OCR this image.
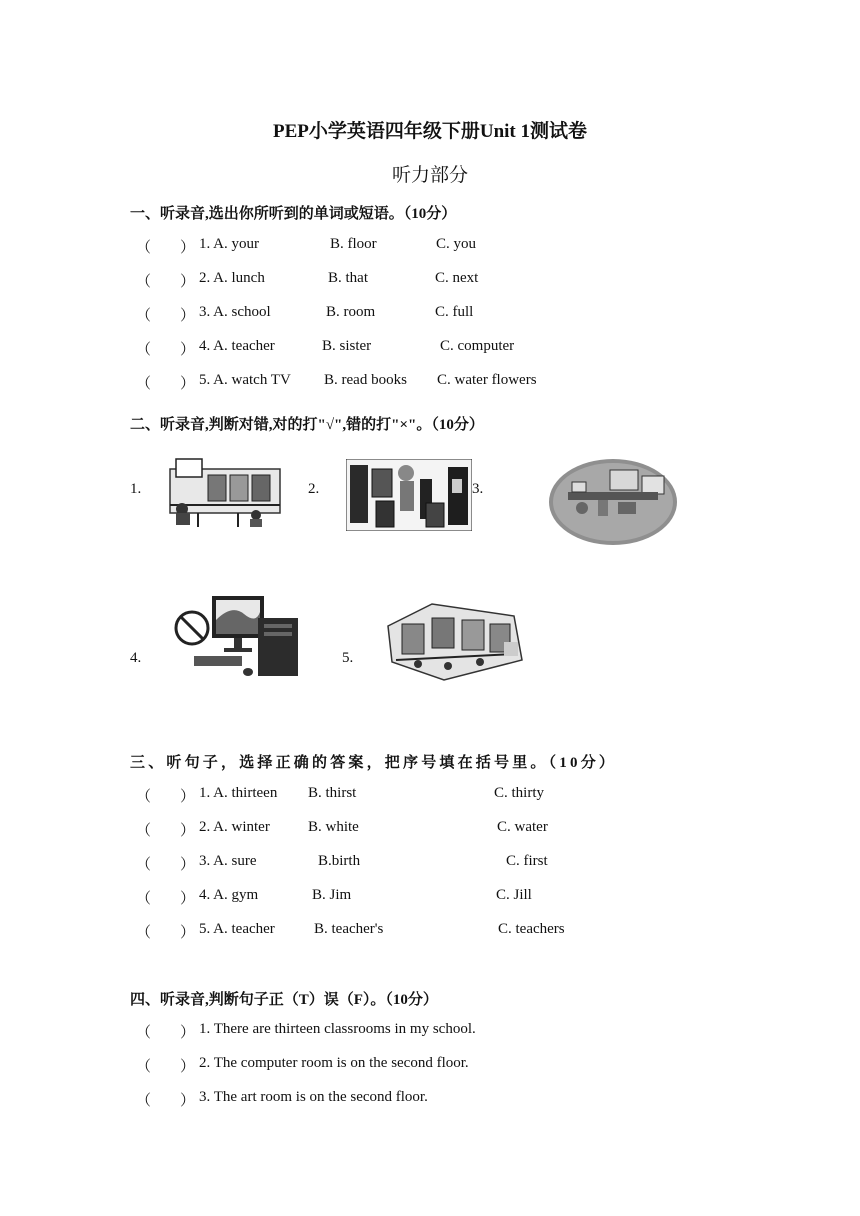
PEP小学英语四年级下册Unit 1测试卷
听力部分
一、听录音,选出你所听到的单词或短语。（10分）
（ ） 1. A. your	B. floor	C. you
（ ） 2. A. lunch	B. that	C. next
（ ） 3. A. school	B. room	C. full
（ ） 4. A. teacher	B. sister	C. computer
（ ） 5. A. watch TV B. read books C. water flowers
二、听录音,判断对错,对的打"√",错的打"×"。（10分）
1.	2.	3.
4.	5.
三、听句子，选择正确的答案，把序号填在括号里。（10分）
（ ） 1. A. thirteen B. thirst	C. thirty
（ ） 2. A. winter	B. white	C. water
（ ） 3. A. sure	B.birth	C. first
（ ） 4. A. gym	B. Jim	C. Jill
（ ） 5. A. teacher	B. teacher's	C. teachers
四、听录音,判断句子正（T）误（F）。（10分）
（ ） 1. There are thirteen classrooms in my school.
（ ） 2. The computer room is on the second floor.
（ ） 3. The art room is on the second floor.
